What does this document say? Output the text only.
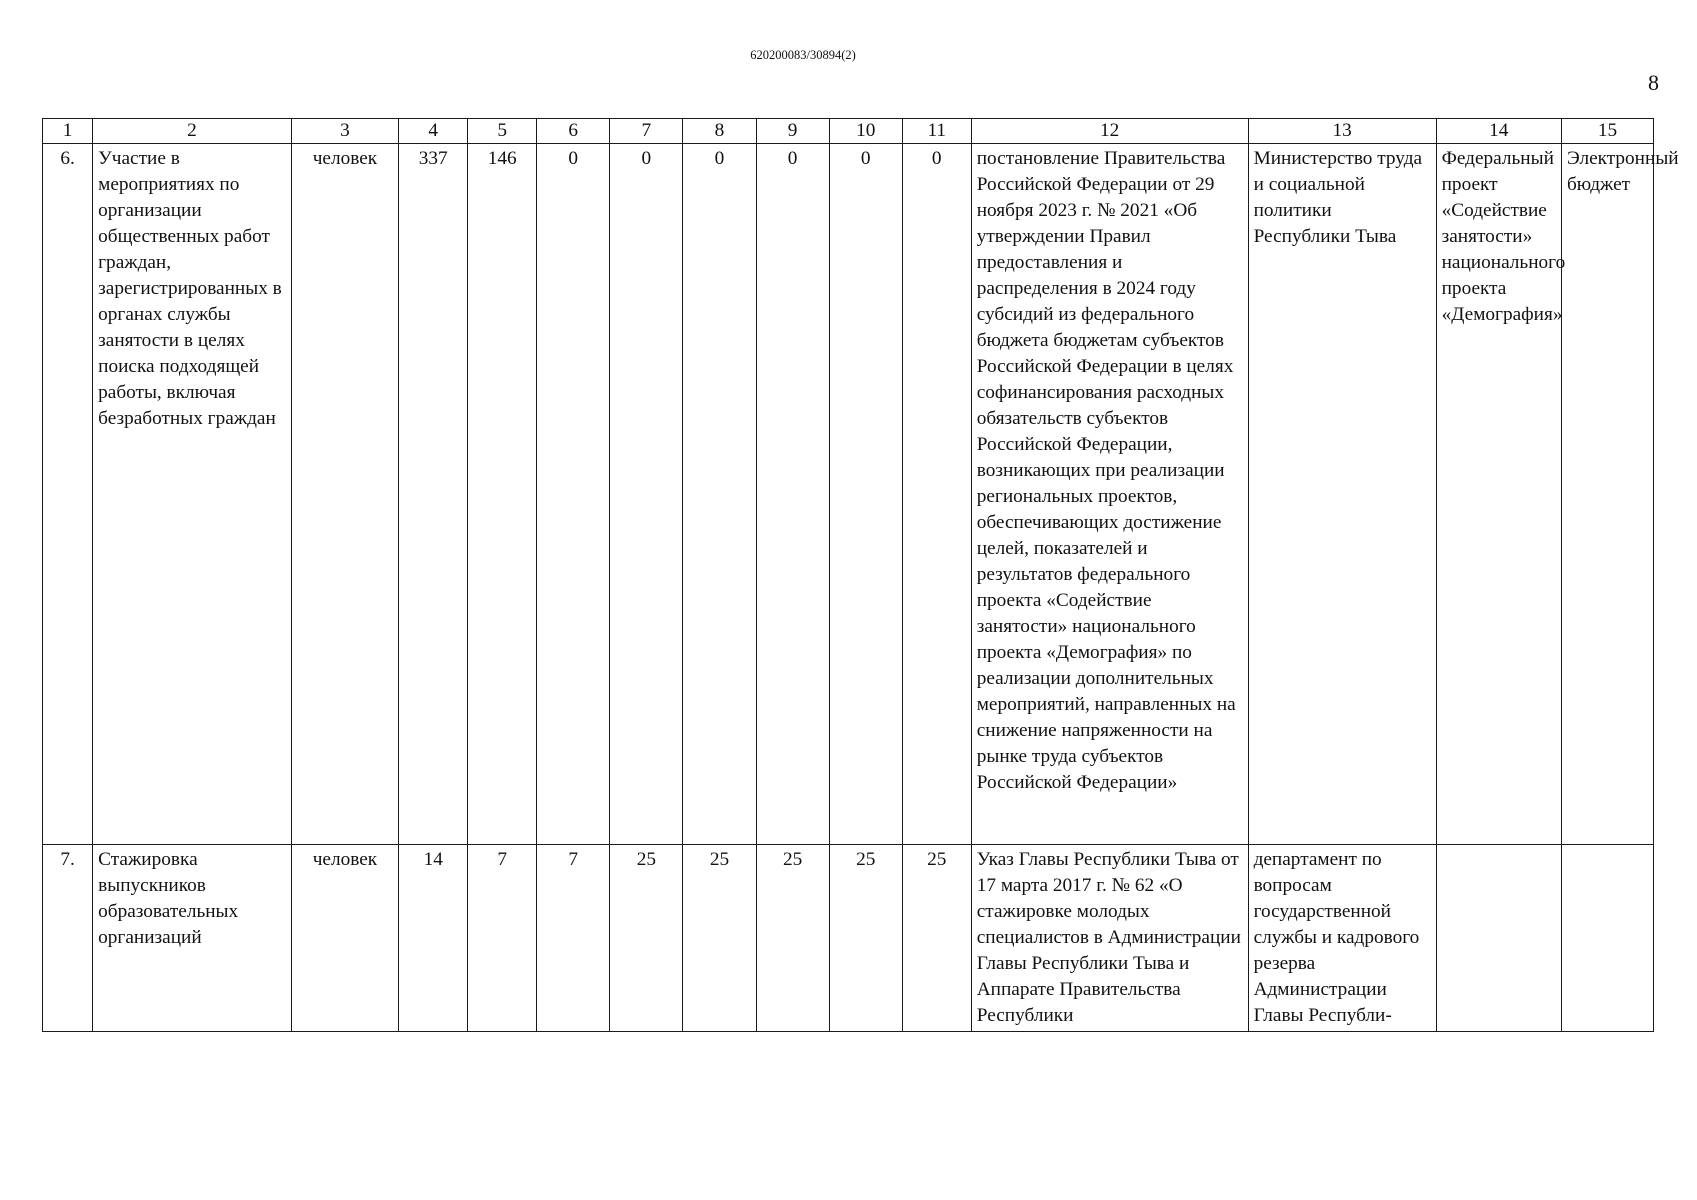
620200083/30894(2)
8
1	2	3	4	5	6	7	8	9	10	11	12	13	14	15
6.	Участие в мероприятиях по организации общественных работ граждан, зарегистрированных в органах службы занятости в целях поиска подходящей работы, включая безработных граждан	человек	337	146	0	0	0	0	0	0	постановление Правительства Российской Федерации от 29 ноября 2023 г. № 2021 «Об утверждении Правил предоставления и распределения в 2024 году субсидий из федерального бюджета бюджетам субъектов Российской Федерации в целях софинансирования расходных обязательств субъектов Российской Федерации, возникающих при реализации региональных проектов, обеспечивающих достижение целей, показателей и результатов федерального проекта «Содействие занятости» национального проекта «Демография» по реализации дополнительных мероприятий, направленных на снижение напряженности на рынке труда субъектов Российской Федерации»	Министерство труда и социальной политики Республики Тыва	Федеральный проект «Содействие занятости» национального проекта «Демография»	Электронный бюджет
7.	Стажировка выпускников образовательных организаций	человек	14	7	7	25	25	25	25	25	Указ Главы Республики Тыва от 17 марта 2017 г. № 62 «О стажировке молодых специалистов в Администрации Главы Республики Тыва и Аппарате Правительства Республики	департамент по вопросам государственной службы и кадрового резерва Администрации Главы Республи-		
